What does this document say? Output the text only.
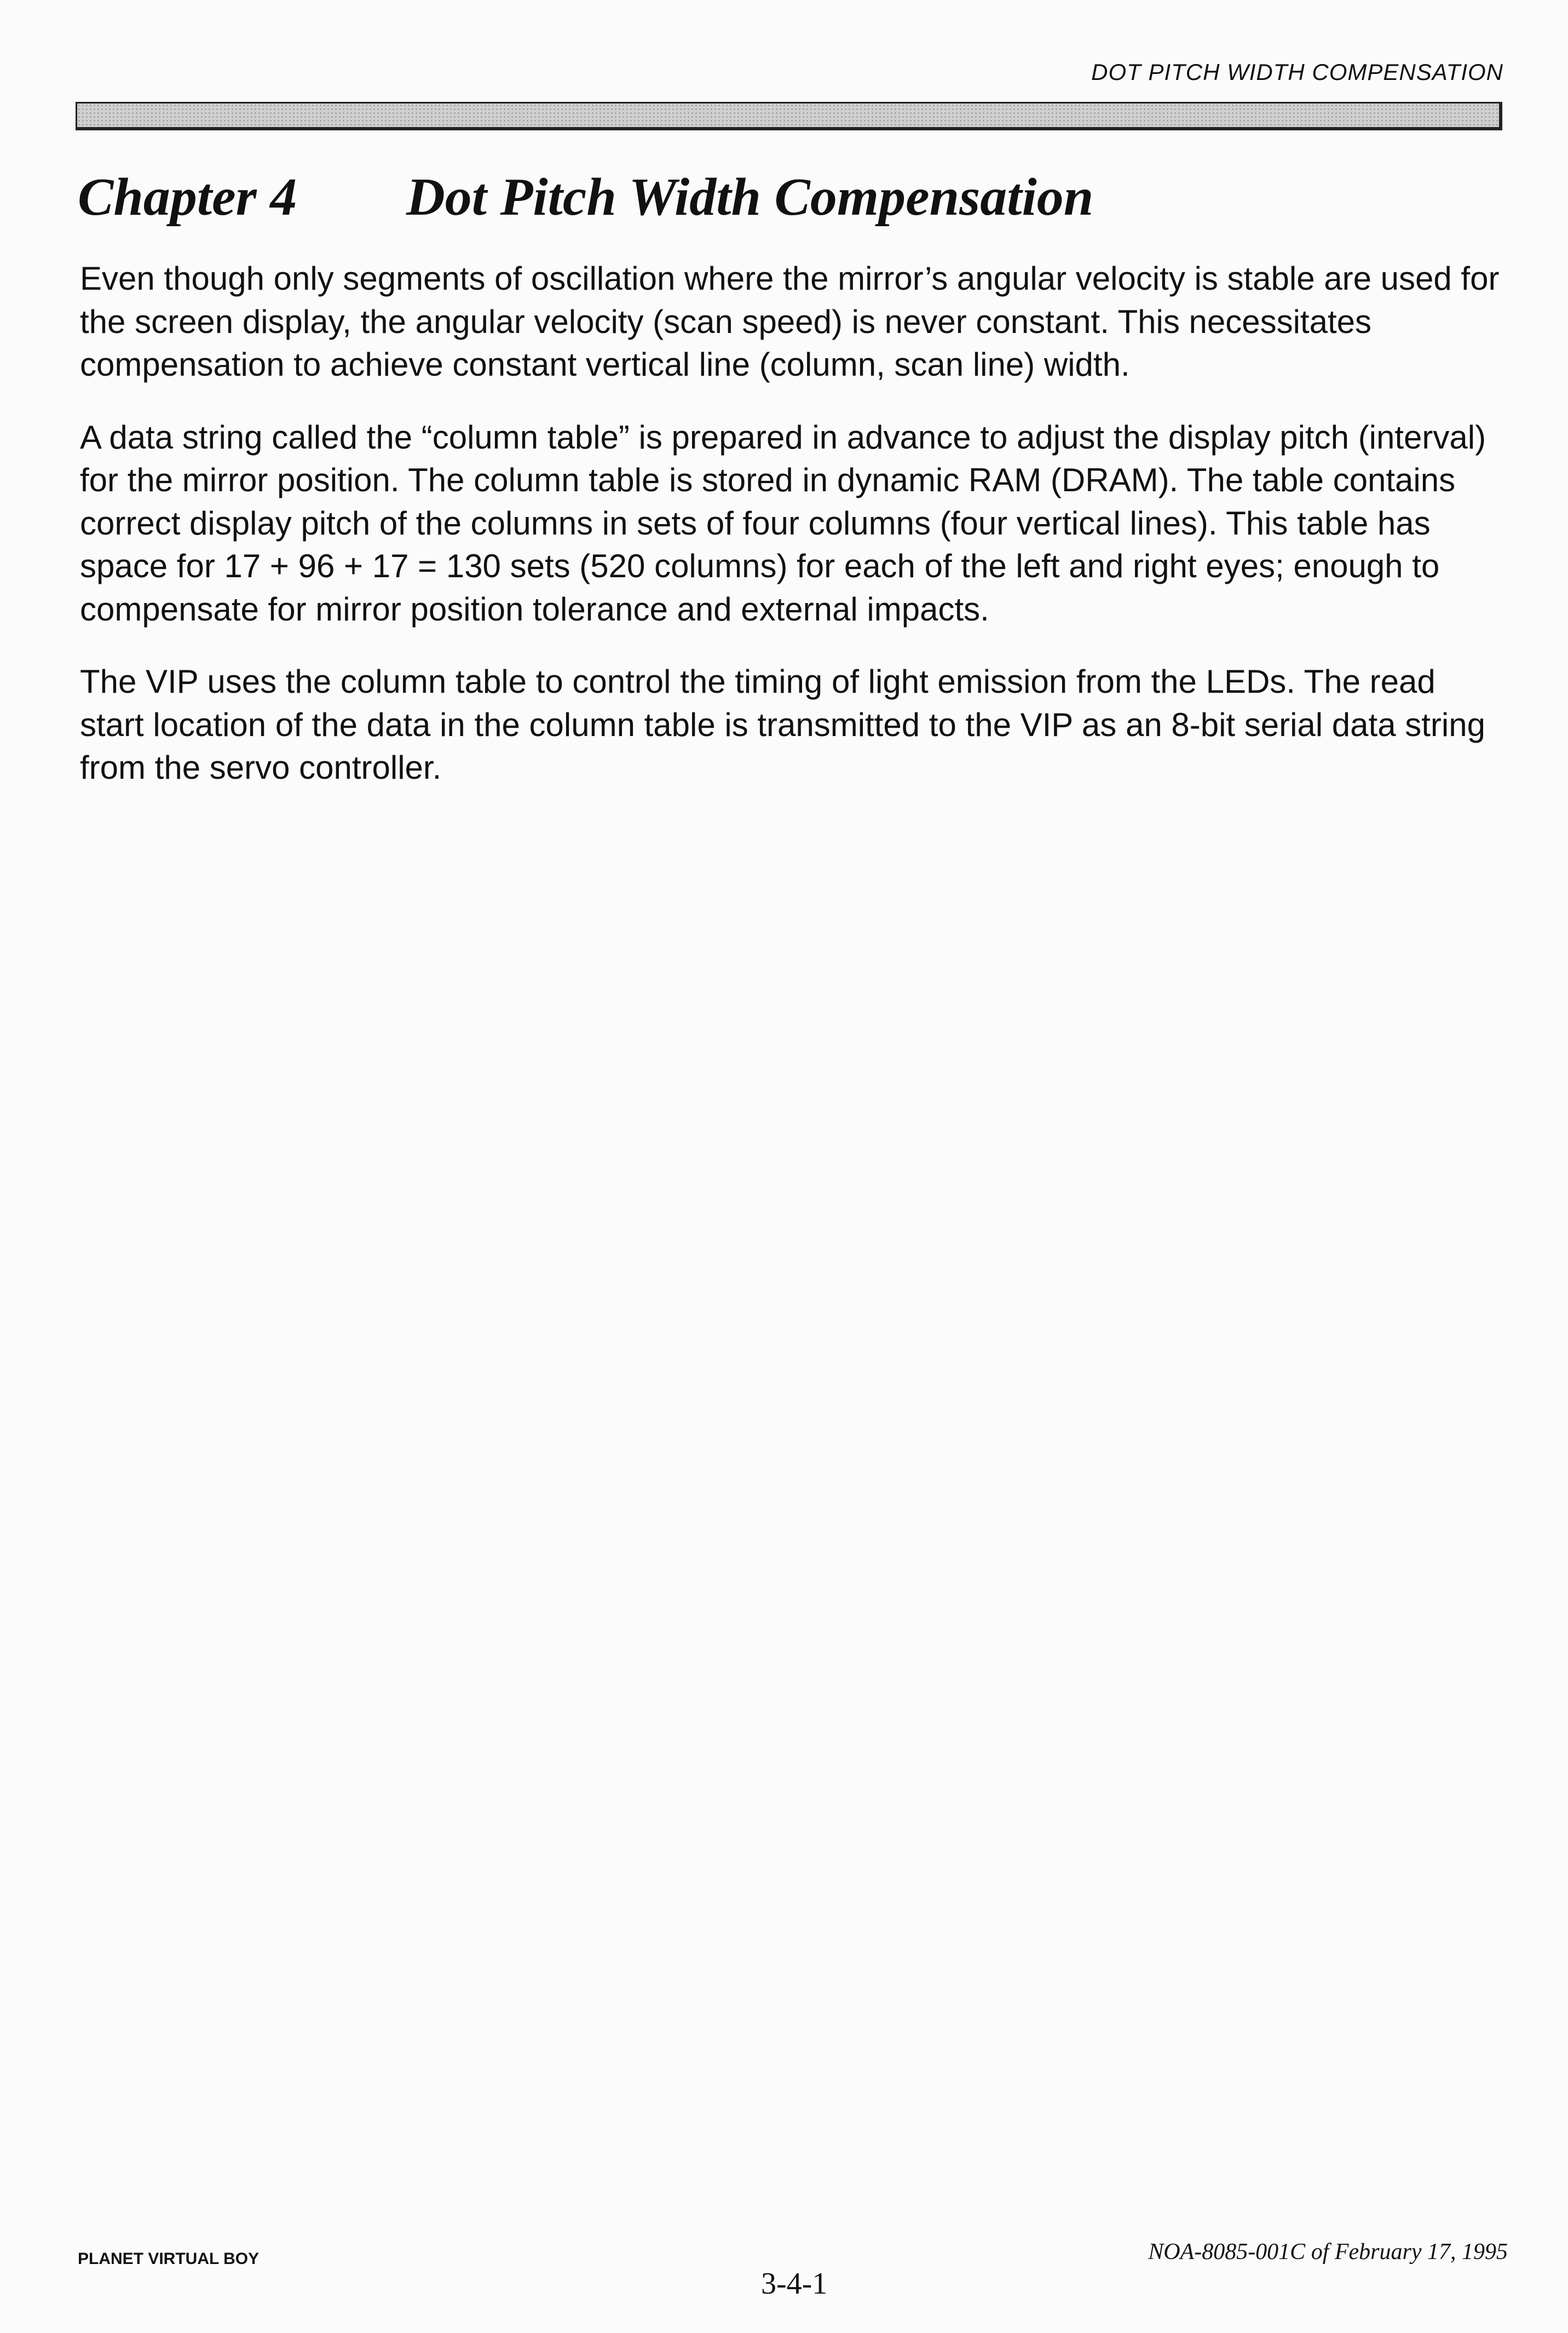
DOT PITCH WIDTH COMPENSATION
Chapter 4 Dot Pitch Width Compensation

Even though only segments of oscillation where the mirror’s angular velocity is stable are used for the screen display, the angular velocity (scan speed) is never constant. This necessitates compensation to achieve constant vertical line (column, scan line) width.

A data string called the “column table” is prepared in advance to adjust the display pitch (interval) for the mirror position. The column table is stored in dynamic RAM (DRAM). The table contains correct display pitch of the columns in sets of four columns (four vertical lines). This table has space for 17 + 96 + 17 = 130 sets (520 columns) for each of the left and right eyes; enough to compensate for mirror position tolerance and external impacts.

The VIP uses the column table to control the timing of light emission from the LEDs. The read start location of the data in the column table is transmitted to the VIP as an 8-bit serial data string from the servo controller.

PLANET VIRTUAL BOY	NOA-8085-001C of February 17, 1995
3-4-1
